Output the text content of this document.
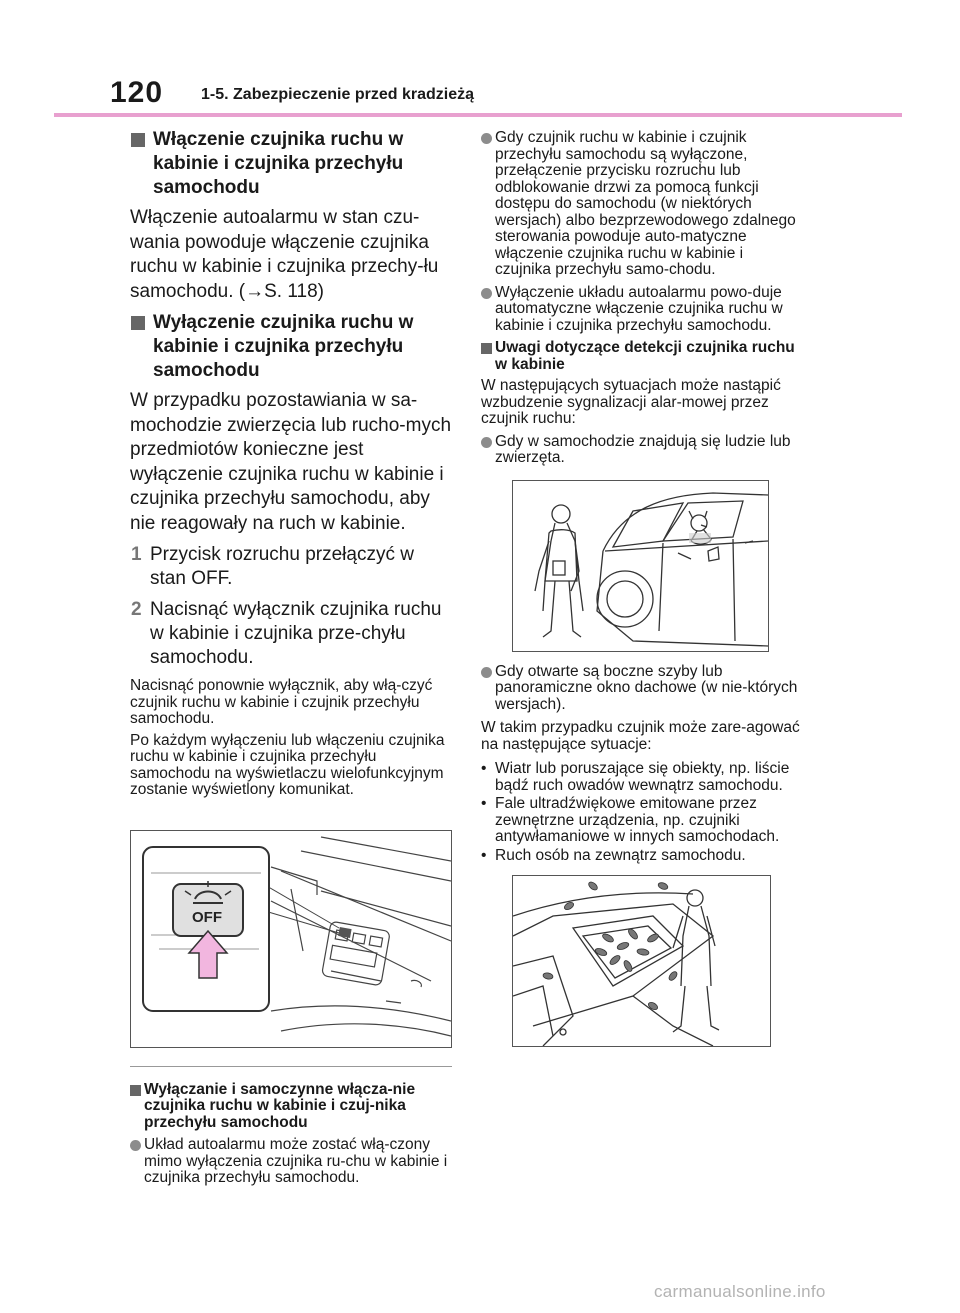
120 1-5. Zabezpieczenie przed kradzieżą
Włączenie czujnika ruchu w kabinie i czujnika przechyłu samochodu

Włączenie autoalarmu w stan czu-wania powoduje włączenie czujnika ruchu w kabinie i czujnika przechy-łu samochodu. (→S. 118)

Wyłączenie czujnika ruchu w kabinie i czujnika przechyłu samochodu

W przypadku pozostawiania w sa-mochodzie zwierzęcia lub rucho-mych przedmiotów konieczne jest wyłączenie czujnika ruchu w kabinie i czujnika przechyłu samochodu, aby nie reagowały na ruch w kabinie.

1 Przycisk rozruchu przełączyć w stan OFF.
2 Nacisnąć wyłącznik czujnika ruchu w kabinie i czujnika prze-chyłu samochodu.

Nacisnąć ponownie wyłącznik, aby włą-czyć czujnik ruchu w kabinie i czujnik przechyłu samochodu.

Po każdym wyłączeniu lub włączeniu czujnika ruchu w kabinie i czujnika przechyłu samochodu na wyświetlaczu wielofunkcyjnym zostanie wyświetlony komunikat.

OFF
Wyłączanie i samoczynne włącza-nie czujnika ruchu w kabinie i czuj-nika przechyłu samochodu
Układ autoalarmu może zostać włą-czony mimo wyłączenia czujnika ru-chu w kabinie i czujnika przechyłu samochodu.
Gdy czujnik ruchu w kabinie i czujnik przechyłu samochodu są wyłączone, przełączenie przycisku rozruchu lub odblokowanie drzwi za pomocą funkcji dostępu do samochodu (w niektórych wersjach) albo bezprzewodowego zdalnego sterowania powoduje auto-matyczne włączenie czujnika ruchu w kabinie i czujnika przechyłu samo-chodu.
Wyłączenie układu autoalarmu powo-duje automatyczne włączenie czujnika ruchu w kabinie i czujnika przechyłu samochodu.
Uwagi dotyczące detekcji czujnika ruchu w kabinie

W następujących sytuacjach może nastąpić wzbudzenie sygnalizacji alar-mowej przez czujnik ruchu:

Gdy w samochodzie znajdują się ludzie lub zwierzęta.
Gdy otwarte są boczne szyby lub panoramiczne okno dachowe (w nie-których wersjach).

W takim przypadku czujnik może zare-agować na następujące sytuacje:

• Wiatr lub poruszające się obiekty, np. liście bądź ruch owadów wewnątrz samochodu.
• Fale ultradźwiękowe emitowane przez zewnętrzne urządzenia, np. czujniki antywłamaniowe w innych samochodach.
• Ruch osób na zewnątrz samochodu.
carmanualsonline.info
